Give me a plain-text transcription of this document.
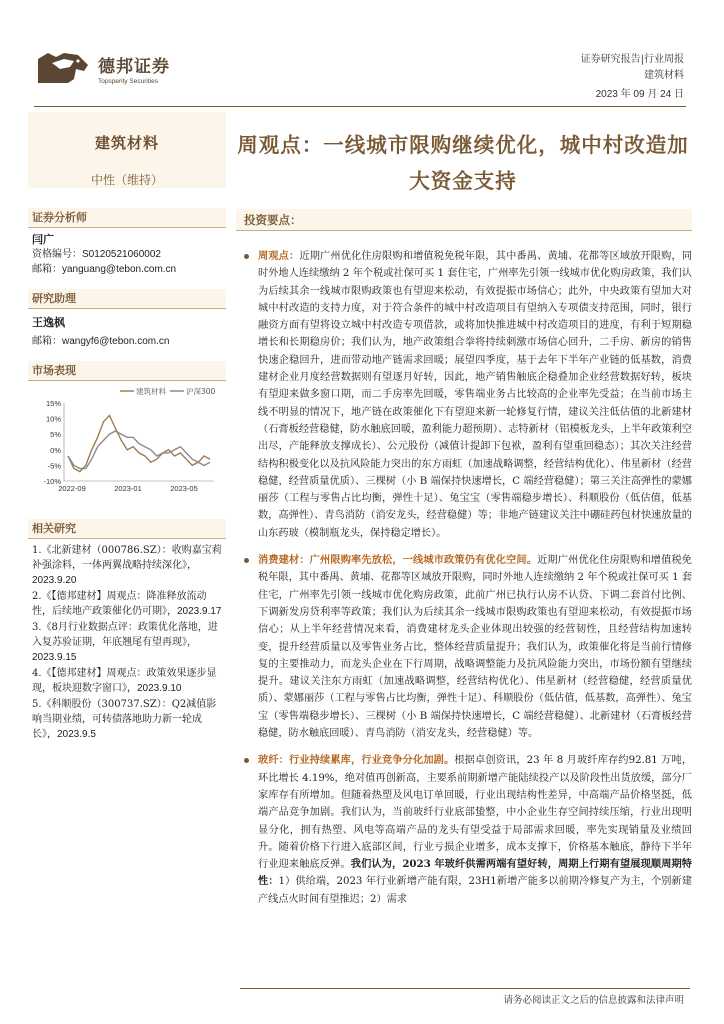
德邦证券
Topsperity Securities
证券研究报告|行业周报
建筑材料
2023 年 09 月 24 日
建筑材料
中性（维持）
证券分析师
闫广
资格编号：S0120521060002
邮箱：yanguang@tebon.com.cn
研究助理
王逸枫
邮箱：wangyf6@tebon.com.cn
市场表现
建筑材料	沪深300
15%
10%
5%
0%
-5%
-10%
2022-09	2023-01	2023-05
相关研究
1.《北新建材（000786.SZ）：收购嘉宝莉补强涂料，一体两翼战略持续深化》，2023.9.20
2.《【德邦建材】周观点：降准释放流动性，后续地产政策催化仍可期》，2023.9.17
3.《8月行业数据点评：政策优化落地，进入复苏验证期，年底翘尾有望再现》，2023.9.15
4.《【德邦建材】周观点：政策效果逐步显现，板块迎数字窗口》，2023.9.10
5.《科顺股份（300737.SZ）：Q2减值影响当期业绩，可转债落地助力新一轮成长》，2023.9.5
周观点：一线城市限购继续优化，城中村改造加大资金支持
投资要点：
周观点：近期广州优化住房限购和增值税免税年限，其中番禺、黄埔、花都等区域放开限购，同时外地人连续缴纳 2 年个税或社保可买 1 套住宅，广州率先引领一线城市优化购房政策，我们认为后续其余一线城市限购政策也有望迎来松动，有效提振市场信心；此外，中央政策有望加大对城中村改造的支持力度，对于符合条件的城中村改造项目有望纳入专项债支持范围，同时，银行融资方面有望将设立城中村改造专项借款，或将加快推进城中村改造项目的进度，有利于短期稳增长和长期稳房价；我们认为，地产政策组合拳将持续刺激市场信心回升，二手房、新房的销售快速企稳回升，进而带动地产链需求回暖；展望四季度，基于去年下半年产业链的低基数，消费建材企业月度经营数据则有望逐月好转，因此，地产销售触底企稳叠加企业经营数据好转，板块有望迎来做多窗口期，而二手房率先回暖，零售端业务占比较高的企业率先受益；在当前市场主线不明显的情况下，地产链在政策催化下有望迎来新一轮修复行情，建议关注低估值的北新建材（石膏板经营稳健，防水触底回暖，盈利能力超预期）、志特新材（铝模板龙头，上半年政策利空出尽，产能释放支撑成长）、公元股份（减值计提卸下包袱，盈利有望重回稳态）；其次关注经营结构积极变化以及抗风险能力突出的东方雨虹（加速战略调整，经营结构优化）、伟星新材（经营稳健，经营质量优质）、三棵树（小 B 端保持快速增长，C 端经营稳健）；第三关注高弹性的蒙娜丽莎（工程与零售占比均衡，弹性十足）、兔宝宝（零售端稳步增长）、科顺股份（低估值，低基数，高弹性）、青鸟消防（消安龙头，经营稳健）等；非地产链建议关注中硼硅药包材快速放量的山东药玻（模制瓶龙头，保持稳定增长）。
消费建材：广州限购率先放松，一线城市政策仍有优化空间。近期广州优化住房限购和增值税免税年限，其中番禺、黄埔、花都等区域放开限购，同时外地人连续缴纳 2 年个税或社保可买 1 套住宅，广州率先引领一线城市优化购房政策，此前广州已执行认房不认贷、下调二套首付比例、下调新发房贷利率等政策；我们认为后续其余一线城市限购政策也有望迎来松动，有效提振市场信心；从上半年经营情况来看，消费建材龙头企业体现出较强的经营韧性，且经营结构加速转变，提升经营质量以及零售业务占比，整体经营质量提升；我们认为，政策催化将是当前行情修复的主要推动力，而龙头企业在下行周期，战略调整能力及抗风险能力突出，市场份额有望继续提升。建议关注东方雨虹（加速战略调整，经营结构优化）、伟星新材（经营稳健，经营质量优质）、蒙娜丽莎（工程与零售占比均衡，弹性十足）、科顺股份（低估值，低基数，高弹性）、兔宝宝（零售端稳步增长）、三棵树（小 B 端保持快速增长，C 端经营稳健）、北新建材（石膏板经营稳健，防水触底回暖）、青鸟消防（消安龙头，经营稳健）等。
玻纤：行业持续累库，行业竞争分化加剧。根据卓创资讯，23 年 8 月玻纤库存约92.81 万吨，环比增长 4.19%，绝对值再创新高，主要系前期新增产能陆续投产以及阶段性出货放缓，部分厂家库存有所增加。但随着热塑及风电订单回暖，行业出现结构性差异，中高端产品价格坚挺，低端产品竞争加剧。我们认为，当前玻纤行业底部蛰整，中小企业生存空间持续压缩，行业出现明显分化，拥有热塑、风电等高端产品的龙头有望受益于局部需求回暖，率先实现销量及业绩回升。随着价格下行进入底部区间，行业亏损企业增多，成本支撑下，价格基本触底，静待下半年行业迎来触底反弹。我们认为，2023 年玻纤供需两端有望好转，周期上行期有望展现顺周期特性：1）供给端，2023 年行业新增产能有限，23H1新增产能多以前期冷修复产为主，个别新建产线点火时间有望推迟；2）需求
请务必阅读正文之后的信息披露和法律声明
